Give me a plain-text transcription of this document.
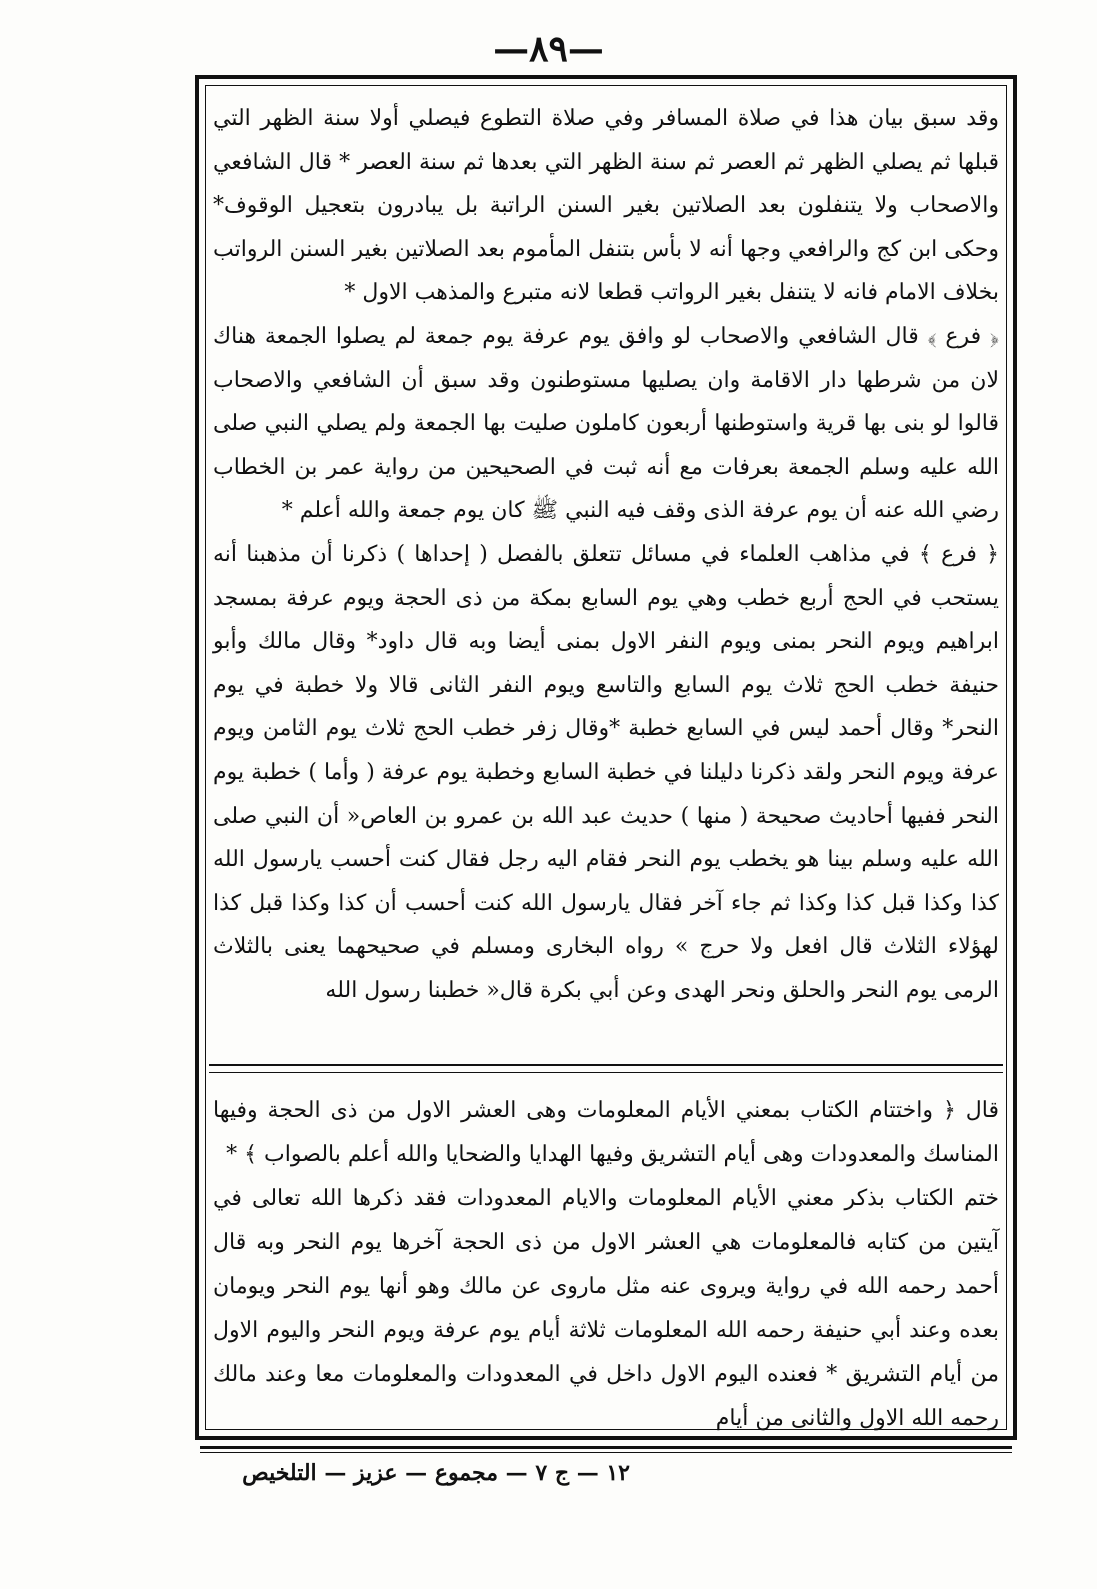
—٨٩—

وقد سبق بيان هذا في صلاة المسافر وفي صلاة التطوع فيصلي أولا سنة الظهر التي قبلها ثم يصلي الظهر ثم العصر ثم سنة الظهر التي بعدها ثم سنة العصر * قال الشافعي والاصحاب ولا يتنفلون بعد الصلاتين بغير السنن الراتبة بل يبادرون بتعجيل الوقوف* وحكى ابن كج والرافعي وجها أنه لا بأس بتنفل المأموم بعد الصلاتين بغير السنن الرواتب بخلاف الامام فانه لا يتنفل بغير الرواتب قطعا لانه متبرع والمذهب الاول *

﴿ فرع ﴾ قال الشافعي والاصحاب لو وافق يوم عرفة يوم جمعة لم يصلوا الجمعة هناك لان من شرطها دار الاقامة وان يصليها مستوطنون وقد سبق أن الشافعي والاصحاب قالوا لو بنى بها قرية واستوطنها أربعون كاملون صليت بها الجمعة ولم يصلي النبي صلى الله عليه وسلم الجمعة بعرفات مع أنه ثبت في الصحيحين من رواية عمر بن الخطاب رضي الله عنه أن يوم عرفة الذى وقف فيه النبي ﷺ كان يوم جمعة والله أعلم *

﴿ فرع ﴾ في مذاهب العلماء في مسائل تتعلق بالفصل ( إحداها ) ذكرنا أن مذهبنا أنه يستحب في الحج أربع خطب وهي يوم السابع بمكة من ذى الحجة ويوم عرفة بمسجد ابراهيم ويوم النحر بمنى ويوم النفر الاول بمنى أيضا وبه قال داود* وقال مالك وأبو حنيفة خطب الحج ثلاث يوم السابع والتاسع ويوم النفر الثانى قالا ولا خطبة في يوم النحر* وقال أحمد ليس في السابع خطبة *وقال زفر خطب الحج ثلاث يوم الثامن ويوم عرفة ويوم النحر ولقد ذكرنا دليلنا في خطبة السابع وخطبة يوم عرفة ( وأما ) خطبة يوم النحر ففيها أحاديث صحيحة ( منها ) حديث عبد الله بن عمرو بن العاص« أن النبي صلى الله عليه وسلم بينا هو يخطب يوم النحر فقام اليه رجل فقال كنت أحسب يارسول الله كذا وكذا قبل كذا وكذا ثم جاء آخر فقال يارسول الله كنت أحسب أن كذا وكذا قبل كذا لهؤلاء الثلاث قال افعل ولا حرج » رواه البخارى ومسلم في صحيحهما يعنى بالثلاث الرمى يوم النحر والحلق ونحر الهدى وعن أبي بكرة قال« خطبنا رسول الله

قال ﴿ واختتام الكتاب بمعني الأيام المعلومات وهى العشر الاول من ذى الحجة وفيها المناسك والمعدودات وهى أيام التشريق وفيها الهدايا والضحايا والله أعلم بالصواب ﴾ *

ختم الكتاب بذكر معني الأيام المعلومات والايام المعدودات فقد ذكرها الله تعالى في آيتين من كتابه فالمعلومات هي العشر الاول من ذى الحجة آخرها يوم النحر وبه قال أحمد رحمه الله في رواية ويروى عنه مثل ماروى عن مالك وهو أنها يوم النحر ويومان بعده وعند أبي حنيفة رحمه الله المعلومات ثلاثة أيام يوم عرفة ويوم النحر واليوم الاول من أيام التشريق * فعنده اليوم الاول داخل في المعدودات والمعلومات معا وعند مالك رحمه الله الاول والثانى من أيام

١٢ — ج ٧ — مجموع — عزيز — التلخيص
